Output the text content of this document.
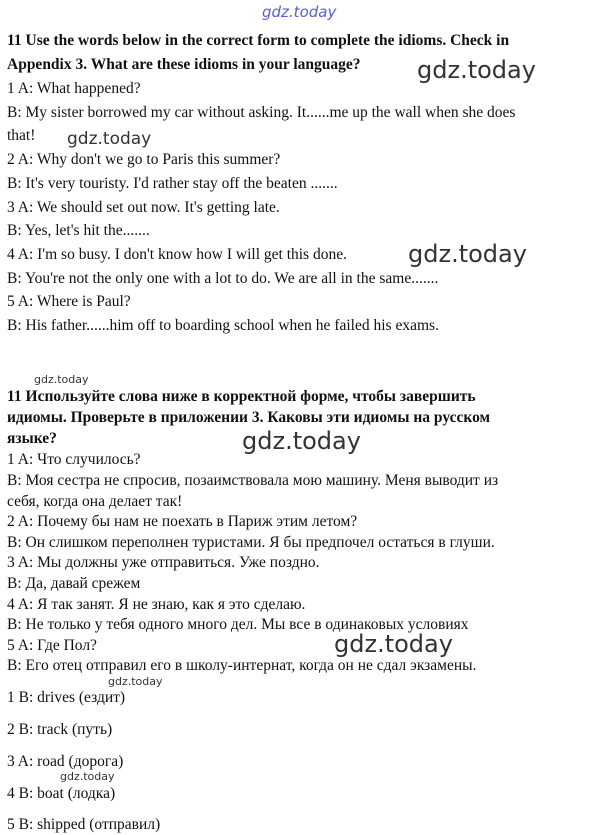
gdz.today
gdz.today
gdz.today
gdz.today
gdz.today
gdz.today
gdz.today
gdz.today
gdz.today
11 Use the words below in the correct form to complete the idioms. Check in
Appendix 3. What are these idioms in your language?
1 A: What happened?
B: My sister borrowed my car without asking. It......me up the wall when she does
that!
2 A: Why don't we go to Paris this summer?
B: It's very touristy. I'd rather stay off the beaten .......
3 A: We should set out now. It's getting late.
B: Yes, let's hit the.......
4 A: I'm so busy. I don't know how I will get this done.
B: You're not the only one with a lot to do. We are all in the same.......
5 A: Where is Paul?
B: His father......him off to boarding school when he failed his exams.
11 Используйте слова ниже в корректной форме, чтобы завершить
идиомы. Проверьте в приложении 3. Каковы эти идиомы на русском
языке?
1 A: Что случилось?
B: Моя сестра не спросив, позаимствовала мою машину. Меня выводит из
себя, когда она делает так!
2 A: Почему бы нам не поехать в Париж этим летом?
B: Он слишком переполнен туристами. Я бы предпочел остаться в глуши.
3 A: Мы должны уже отправиться. Уже поздно.
B: Да, давай срежем
4 A: Я так занят. Я не знаю, как я это сделаю.
B: Не только у тебя одного много дел. Мы все в одинаковых условиях
5 A: Где Пол?
B: Его отец отправил его в школу-интернат, когда он не сдал экзамены.
1 B: drives (ездит)
2 B: track (путь)
3 A: road (дорога)
4 B: boat (лодка)
5 B: shipped (отправил)
